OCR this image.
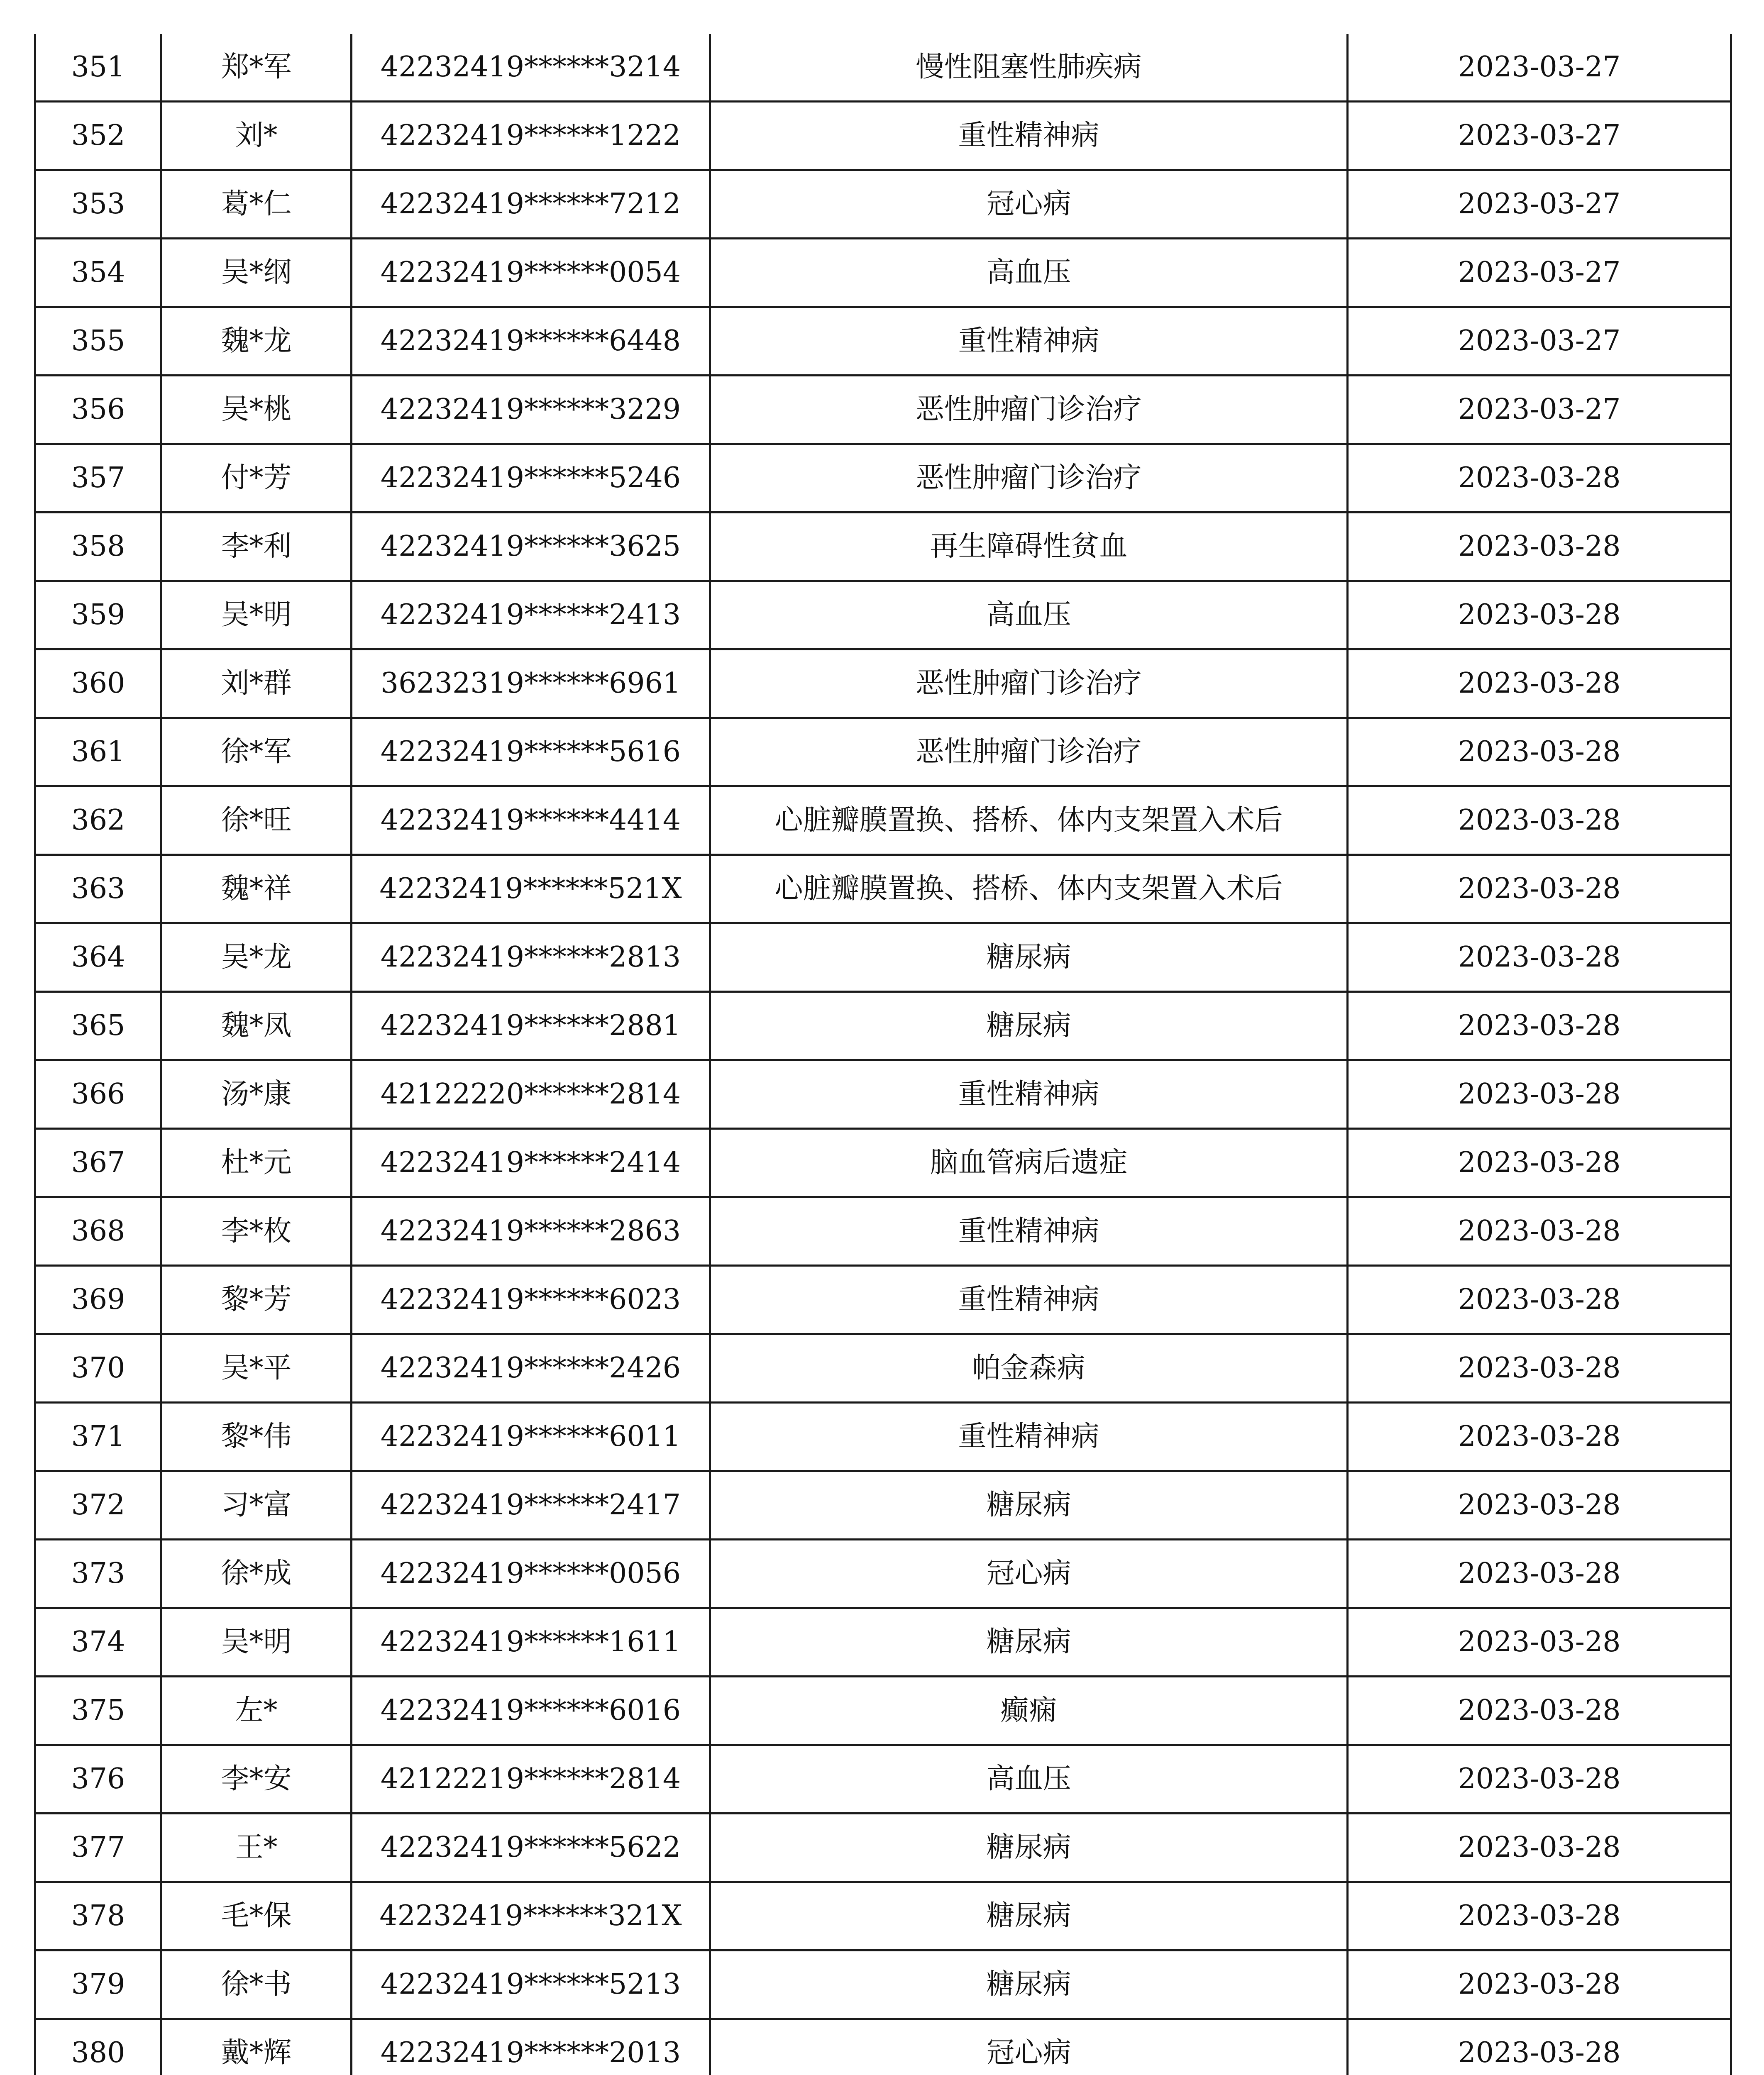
351	郑*军	42232419******3214	慢性阻塞性肺疾病	2023-03-27
352	刘*	42232419******1222	重性精神病	2023-03-27
353	葛*仁	42232419******7212	冠心病	2023-03-27
354	吴*纲	42232419******0054	高血压	2023-03-27
355	魏*龙	42232419******6448	重性精神病	2023-03-27
356	吴*桃	42232419******3229	恶性肿瘤门诊治疗	2023-03-27
357	付*芳	42232419******5246	恶性肿瘤门诊治疗	2023-03-28
358	李*利	42232419******3625	再生障碍性贫血	2023-03-28
359	吴*明	42232419******2413	高血压	2023-03-28
360	刘*群	36232319******6961	恶性肿瘤门诊治疗	2023-03-28
361	徐*军	42232419******5616	恶性肿瘤门诊治疗	2023-03-28
362	徐*旺	42232419******4414	心脏瓣膜置换、搭桥、体内支架置入术后	2023-03-28
363	魏*祥	42232419******521X	心脏瓣膜置换、搭桥、体内支架置入术后	2023-03-28
364	吴*龙	42232419******2813	糖尿病	2023-03-28
365	魏*凤	42232419******2881	糖尿病	2023-03-28
366	汤*康	42122220******2814	重性精神病	2023-03-28
367	杜*元	42232419******2414	脑血管病后遗症	2023-03-28
368	李*枚	42232419******2863	重性精神病	2023-03-28
369	黎*芳	42232419******6023	重性精神病	2023-03-28
370	吴*平	42232419******2426	帕金森病	2023-03-28
371	黎*伟	42232419******6011	重性精神病	2023-03-28
372	习*富	42232419******2417	糖尿病	2023-03-28
373	徐*成	42232419******0056	冠心病	2023-03-28
374	吴*明	42232419******1611	糖尿病	2023-03-28
375	左*	42232419******6016	癫痫	2023-03-28
376	李*安	42122219******2814	高血压	2023-03-28
377	王*	42232419******5622	糖尿病	2023-03-28
378	毛*保	42232419******321X	糖尿病	2023-03-28
379	徐*书	42232419******5213	糖尿病	2023-03-28
380	戴*辉	42232419******2013	冠心病	2023-03-28
